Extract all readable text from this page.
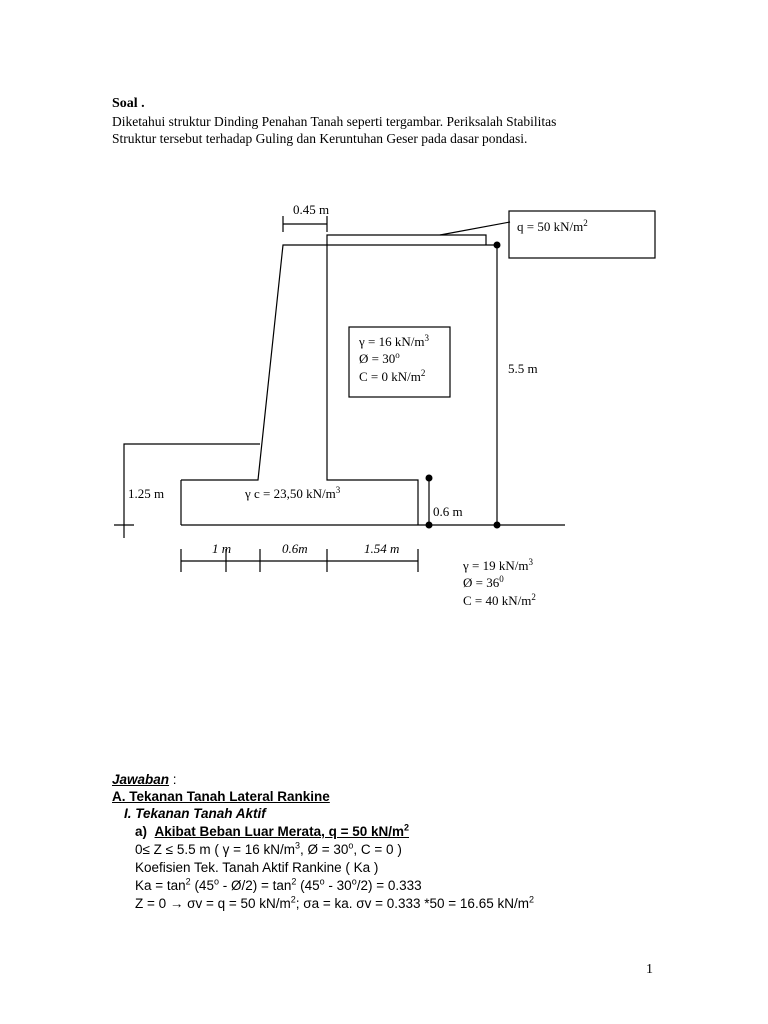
Soal .
Diketahui struktur Dinding Penahan Tanah seperti tergambar. Periksalah Stabilitas
Struktur tersebut terhadap Guling dan Keruntuhan Geser pada dasar pondasi.
0.45 m
q = 50 $kN/m^2$
γ = 16 $kN/m^3$
Ø = $30^o$
C = 0 $kN/m^2$	5.5 m
1.25 m	γ c = 23,50 $kN/m^3$
0.6 m
1 m	0.6m	1.54 m
γ = 19 $kN/m^3$
Ø = $36^0$
C = 40 $kN/m^2$
Jawaban :
A. Tekanan Tanah Lateral Rankine
I. Tekanan Tanah Aktif
a) Akibat Beban Luar Merata, q = 50 $kN/m^2$
0≤ Z ≤ 5.5 m ( γ = 16 $kN/m^3$, Ø = $30^o$, C = 0 )
Koefisien Tek. Tanah Aktif Rankine ( Ka )
$Ka = \tan^2 (45^o$ - Ø/2) = $\tan^2 (45^o - 30^o/2) = 0.333$
Z = 0 → σv = q = 50 $kN/m^2$; σa = ka. σv = 0.333 *50 = 16.65 $kN/m^2$
1
